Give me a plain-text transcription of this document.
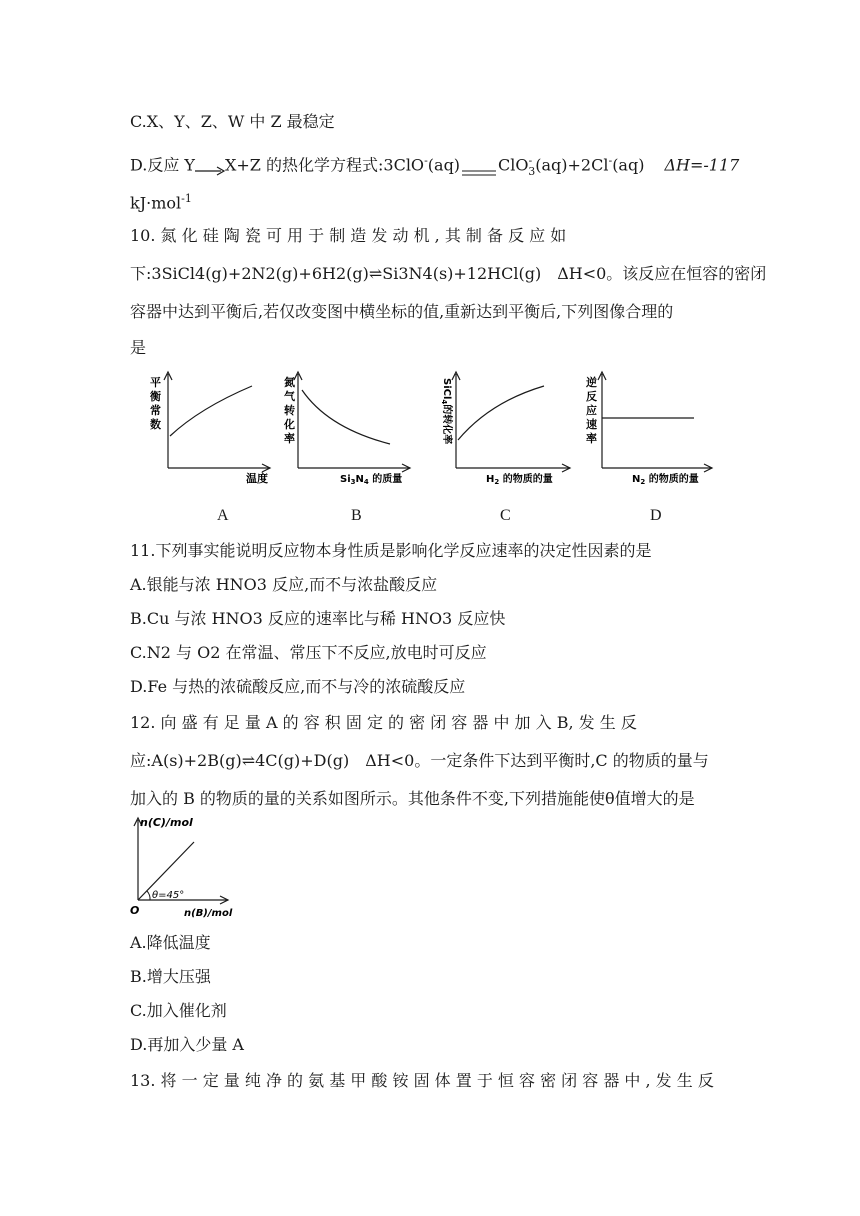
C.X、Y、Z、W 中 Z 最稳定
D.反应 Y X+Z 的热化学方程式:3ClO-(aq) ClO-$_3$(aq)+2Cl-(aq) ΔH=-117
kJ·mol$^{-1}$
10. 氮 化 硅 陶 瓷 可 用 于 制 造 发 动 机 , 其 制 备 反 应 如
下:3SiCl4(g)+2N2(g)+6H2(g)⇌Si3N4(s)+12HCl(g)　ΔH<0。该反应在恒容的密闭
容器中达到平衡后,若仅改变图中横坐标的值,重新达到平衡后,下列图像合理的
是
平
衡
常
数
温度
氮
气
转
化
率
$Si_3N_4$ 的质量
SiCl$_4$的转化率
$H_2$ 的物质的量
逆
反
应
速
率
$N_2$ 的物质的量
A	B	C	D
11.下列事实能说明反应物本身性质是影响化学反应速率的决定性因素的是
A.银能与浓 HNO3 反应,而不与浓盐酸反应
B.Cu 与浓 HNO3 反应的速率比与稀 HNO3 反应快
C.N2 与 O2 在常温、常压下不反应,放电时可反应
D.Fe 与热的浓硫酸反应,而不与冷的浓硫酸反应
12. 向 盛 有 足 量 A 的 容 积 固 定 的 密 闭 容 器 中 加 入 B, 发 生 反
应:A(s)+2B(g)⇌4C(g)+D(g)　ΔH<0。一定条件下达到平衡时,C 的物质的量与
加入的 B 的物质的量的关系如图所示。其他条件不变,下列措施能使θ值增大的是
n(C)/mol
n(B)/mol
O
θ=45°
A.降低温度
B.增大压强
C.加入催化剂
D.再加入少量 A
13. 将 一 定 量 纯 净 的 氨 基 甲 酸 铵 固 体 置 于 恒 容 密 闭 容 器 中 , 发 生 反
